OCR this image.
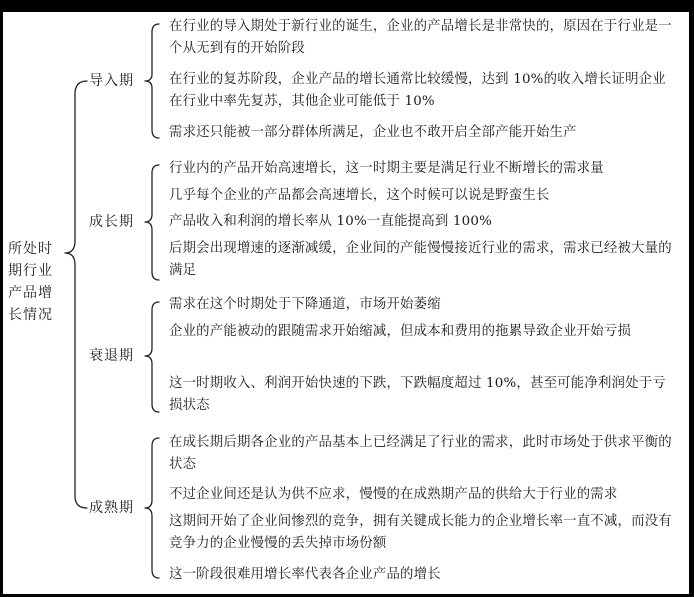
所处时期行业产品增长情况
导入期
在行业的导入期处于新行业的诞生，企业的产品增长是非常快的，原因在于行业是一个从无到有的开始阶段
在行业的复苏阶段，企业产品的增长通常比较缓慢，达到 10%的收入增长证明企业在行业中率先复苏，其他企业可能低于 10%
需求还只能被一部分群体所满足，企业也不敢开启全部产能开始生产
成长期
行业内的产品开始高速增长，这一时期主要是满足行业不断增长的需求量
几乎每个企业的产品都会高速增长，这个时候可以说是野蛮生长
产品收入和利润的增长率从 10%一直能提高到 100%
后期会出现增速的逐渐减缓，企业间的产能慢慢接近行业的需求，需求已经被大量的满足
衰退期
需求在这个时期处于下降通道，市场开始萎缩
企业的产能被动的跟随需求开始缩减，但成本和费用的拖累导致企业开始亏损
这一时期收入、利润开始快速的下跌，下跌幅度超过 10%，甚至可能净利润处于亏损状态
成熟期
在成长期后期各企业的产品基本上已经满足了行业的需求，此时市场处于供求平衡的状态
不过企业间还是认为供不应求，慢慢的在成熟期产品的供给大于行业的需求
这期间开始了企业间惨烈的竞争，拥有关键成长能力的企业增长率一直不减，而没有竞争力的企业慢慢的丢失掉市场份额
这一阶段很难用增长率代表各企业产品的增长
